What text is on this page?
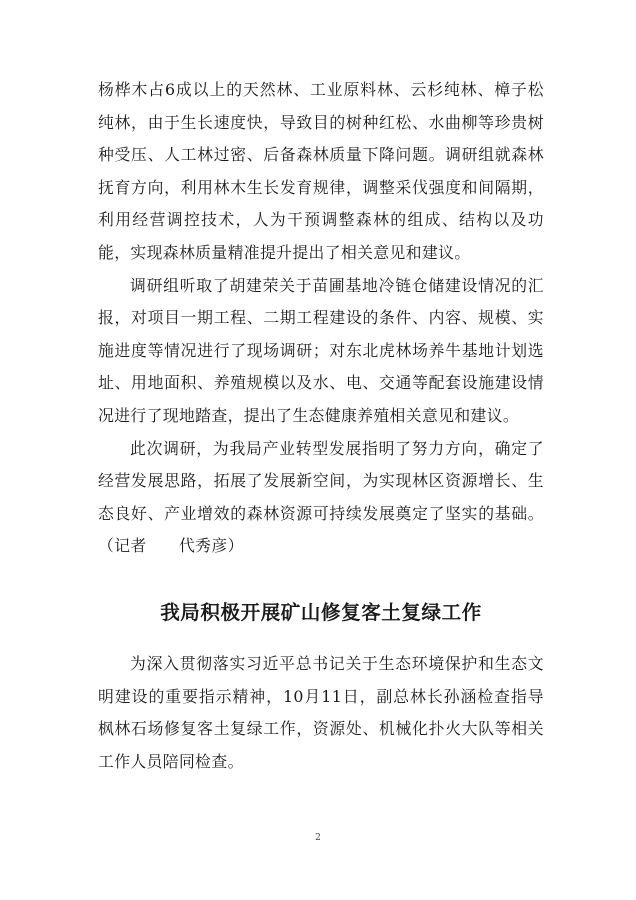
杨桦木占6成以上的天然林、工业原料林、云杉纯林、樟子松纯林，由于生长速度快，导致目的树种红松、水曲柳等珍贵树种受压、人工林过密、后备森林质量下降问题。调研组就森林抚育方向，利用林木生长发育规律，调整采伐强度和间隔期，利用经营调控技术，人为干预调整森林的组成、结构以及功能，实现森林质量精准提升提出了相关意见和建议。

调研组听取了胡建荣关于苗圃基地冷链仓储建设情况的汇报，对项目一期工程、二期工程建设的条件、内容、规模、实施进度等情况进行了现场调研；对东北虎林场养牛基地计划选址、用地面积、养殖规模以及水、电、交通等配套设施建设情况进行了现地踏查，提出了生态健康养殖相关意见和建议。

此次调研，为我局产业转型发展指明了努力方向，确定了经营发展思路，拓展了发展新空间，为实现林区资源增长、生态良好、产业增效的森林资源可持续发展奠定了坚实的基础。（记者　　代秀彦）

我局积极开展矿山修复客土复绿工作

为深入贯彻落实习近平总书记关于生态环境保护和生态文明建设的重要指示精神，10月11日，副总林长孙涵检查指导枫林石场修复客土复绿工作，资源处、机械化扑火大队等相关工作人员陪同检查。

2
